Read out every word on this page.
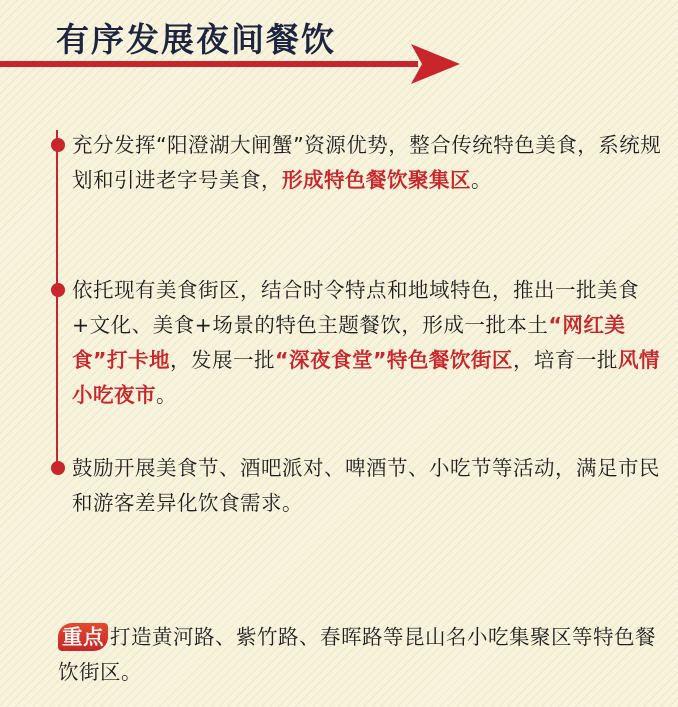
有序发展夜间餐饮
充分发挥“阳澄湖大闸蟹”资源优势，整合传统特色美食，系统规划和引进老字号美食，形成特色餐饮聚集区。
依托现有美食街区，结合时令特点和地域特色，推出一批美食+文化、美食+场景的特色主题餐饮，形成一批本土“网红美食”打卡地，发展一批“深夜食堂”特色餐饮街区，培育一批风情小吃夜市。
鼓励开展美食节、酒吧派对、啤酒节、小吃节等活动，满足市民和游客差异化饮食需求。
重点 打造黄河路、紫竹路、春晖路等昆山名小吃集聚区等特色餐饮街区。
